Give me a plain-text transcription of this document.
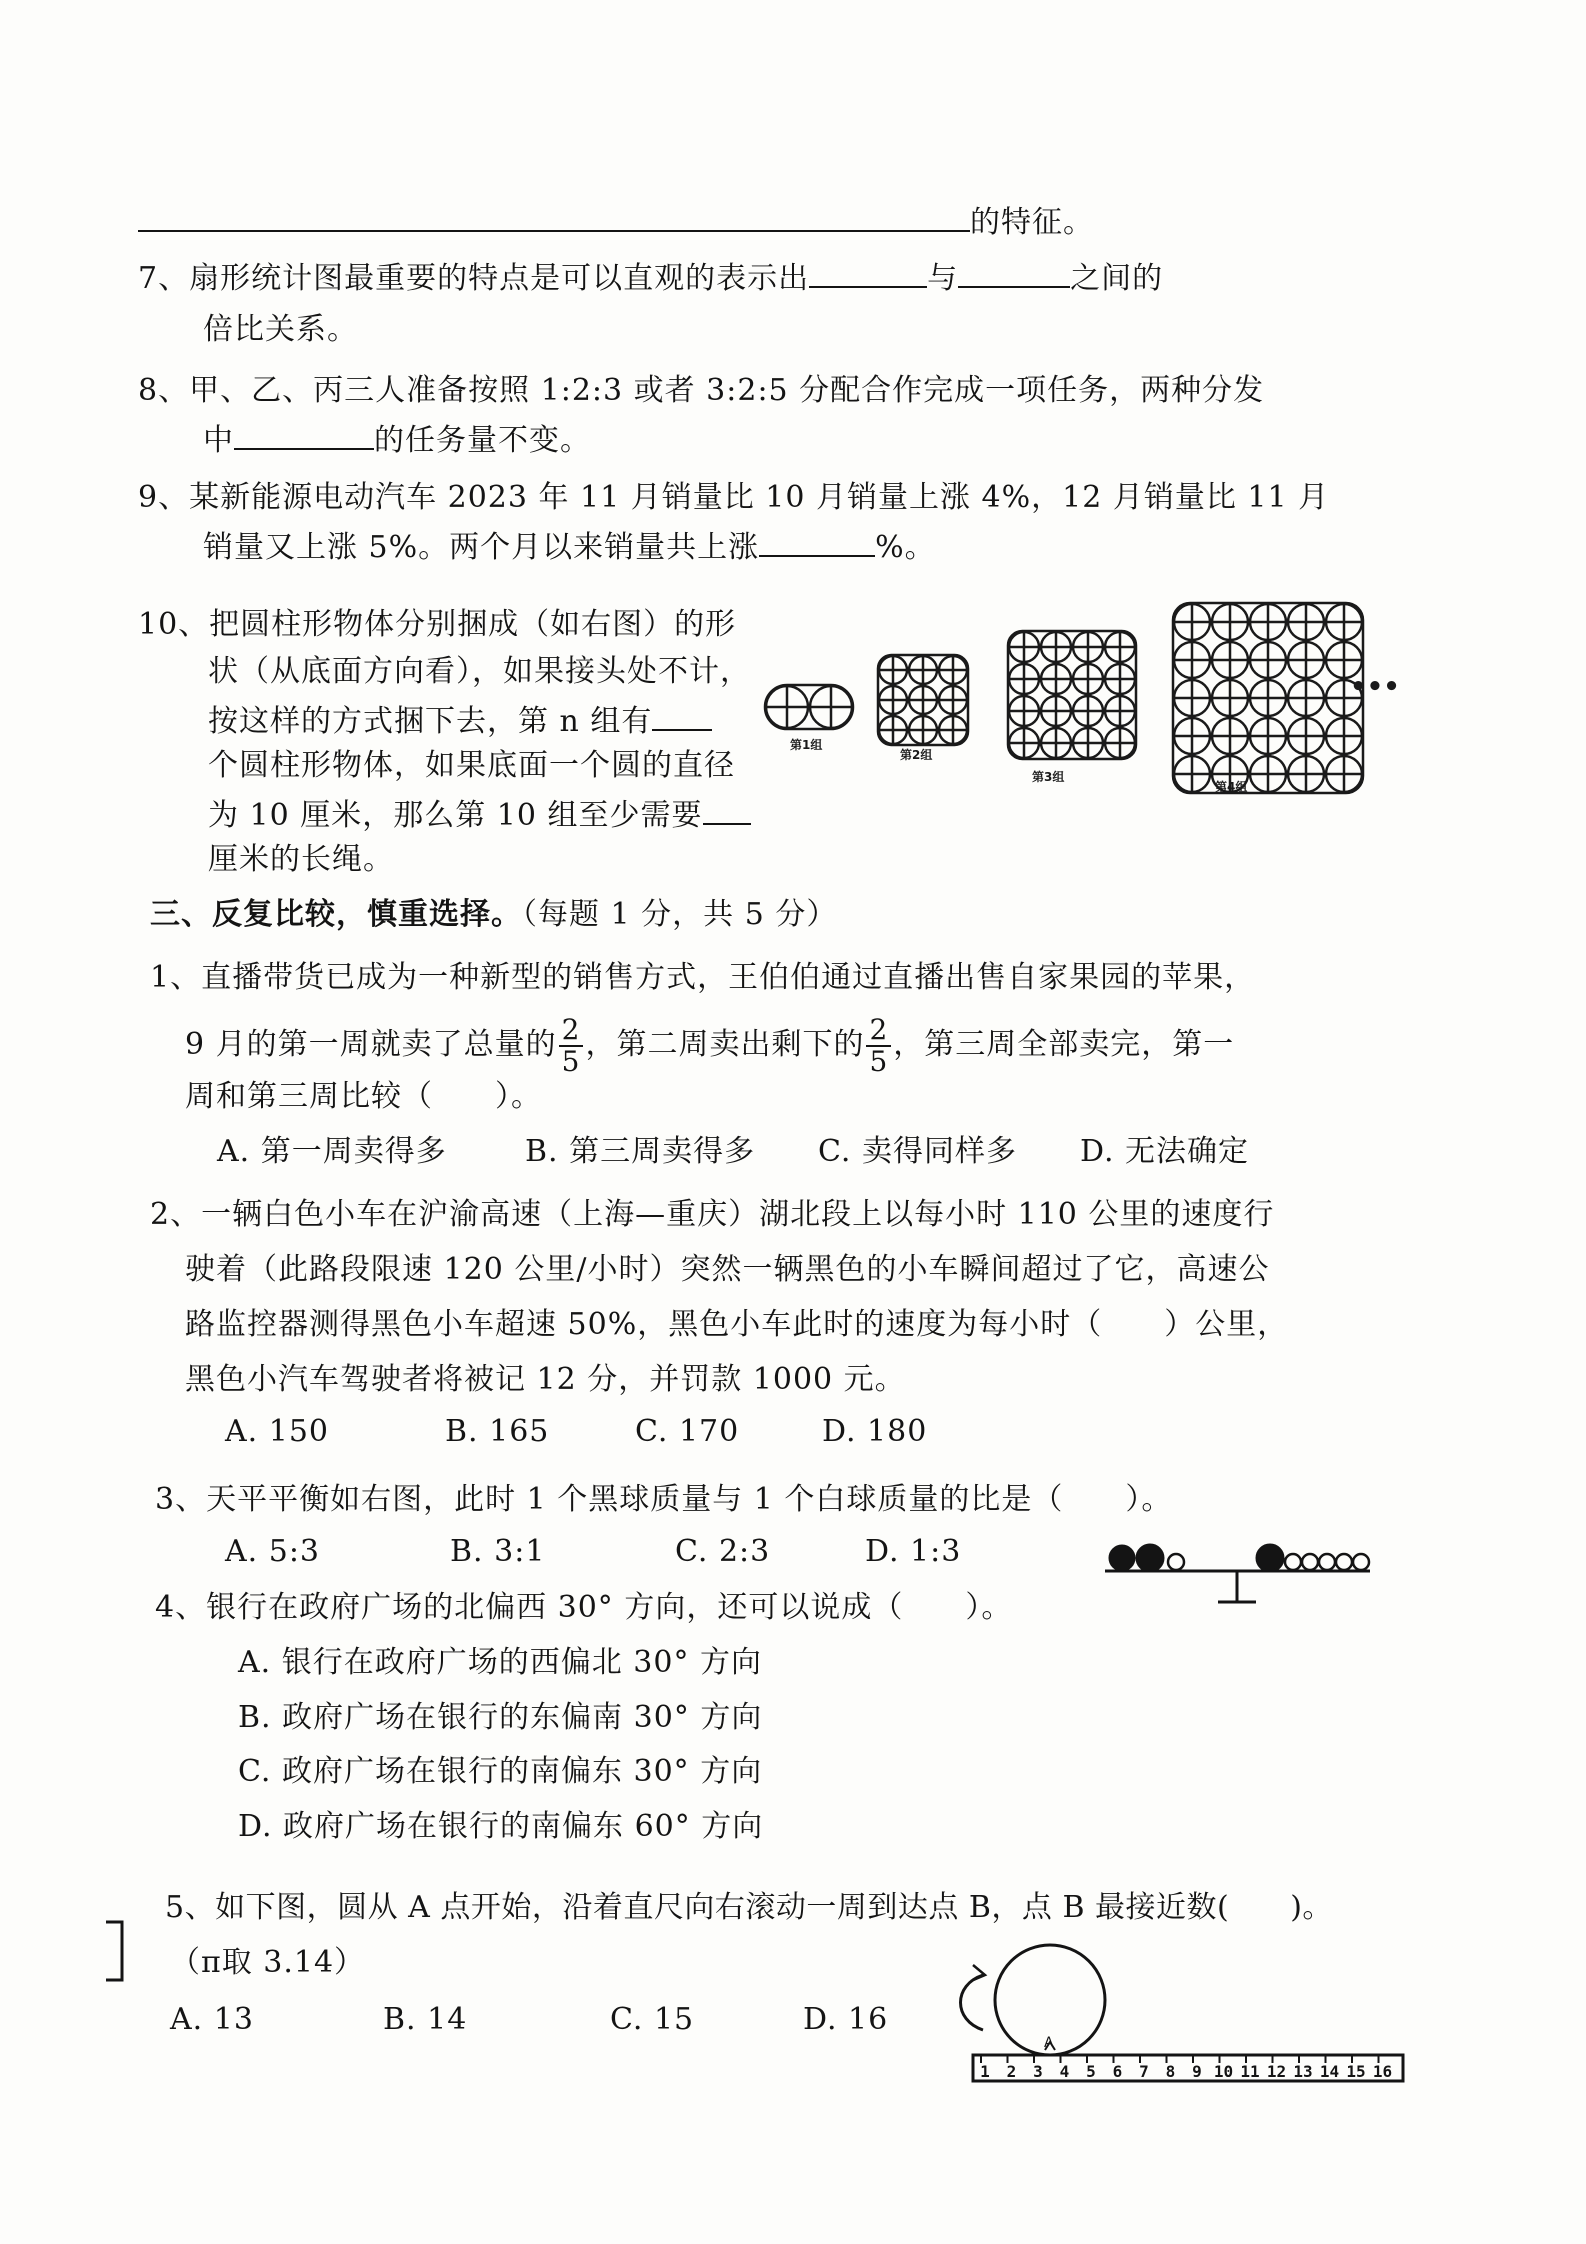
的特征。
7、扇形统计图最重要的特点是可以直观的表示出	与	之间的
倍比关系。
8、甲、乙、丙三人准备按照 1:2:3 或者 3:2:5 分配合作完成一项任务，两种分发
中	的任务量不变。
9、某新能源电动汽车 2023 年 11 月销量比 10 月销量上涨 4%，12 月销量比 11 月
销量又上涨 5%。两个月以来销量共上涨	%。
10、把圆柱形物体分别捆成（如右图）的形
状（从底面方向看），如果接头处不计，
按这样的方式捆下去，第 n 组有
个圆柱形物体，如果底面一个圆的直径
为 10 厘米，那么第 10 组至少需要
厘米的长绳。
第1组
第2组
第3组
第4组
•••
三、反复比较，慎重选择。（每题 1 分，共 5 分）
1、直播带货已成为一种新型的销售方式，王伯伯通过直播出售自家果园的苹果，
9 月的第一周就卖了总量的 $\frac{2}{5}$ ，第二周卖出剩下的 $\frac{2}{5}$ ，第三周全部卖完，第一
周和第三周比较（　　）。
A. 第一周卖得多	B. 第三周卖得多 C. 卖得同样多 D. 无法确定
2、一辆白色小车在沪渝高速（上海—重庆）湖北段上以每小时 110 公里的速度行
驶着（此路段限速 120 公里/小时）突然一辆黑色的小车瞬间超过了它，高速公
路监控器测得黑色小车超速 50%，黑色小车此时的速度为每小时（　　）公里，
黑色小汽车驾驶者将被记 12 分，并罚款 1000 元。
A. 150	B. 165	C. 170	D. 180
3、天平平衡如右图，此时 1 个黑球质量与 1 个白球质量的比是（　　）。
A. 5:3	B. 3:1	C. 2:3	D. 1:3
4、银行在政府广场的北偏西 30° 方向，还可以说成（　　）。
A. 银行在政府广场的西偏北 30° 方向
B. 政府广场在银行的东偏南 30° 方向
C. 政府广场在银行的南偏东 30° 方向
D. 政府广场在银行的南偏东 60° 方向
5、如下图，圆从 A 点开始，沿着直尺向右滚动一周到达点 B，点 B 最接近数(　　)。
（π取 3.14）
A. 13	B. 14	C. 15	D. 16
A
1 2 3 4 5 6 7 8 9 10 11 12 13 14 15 16
